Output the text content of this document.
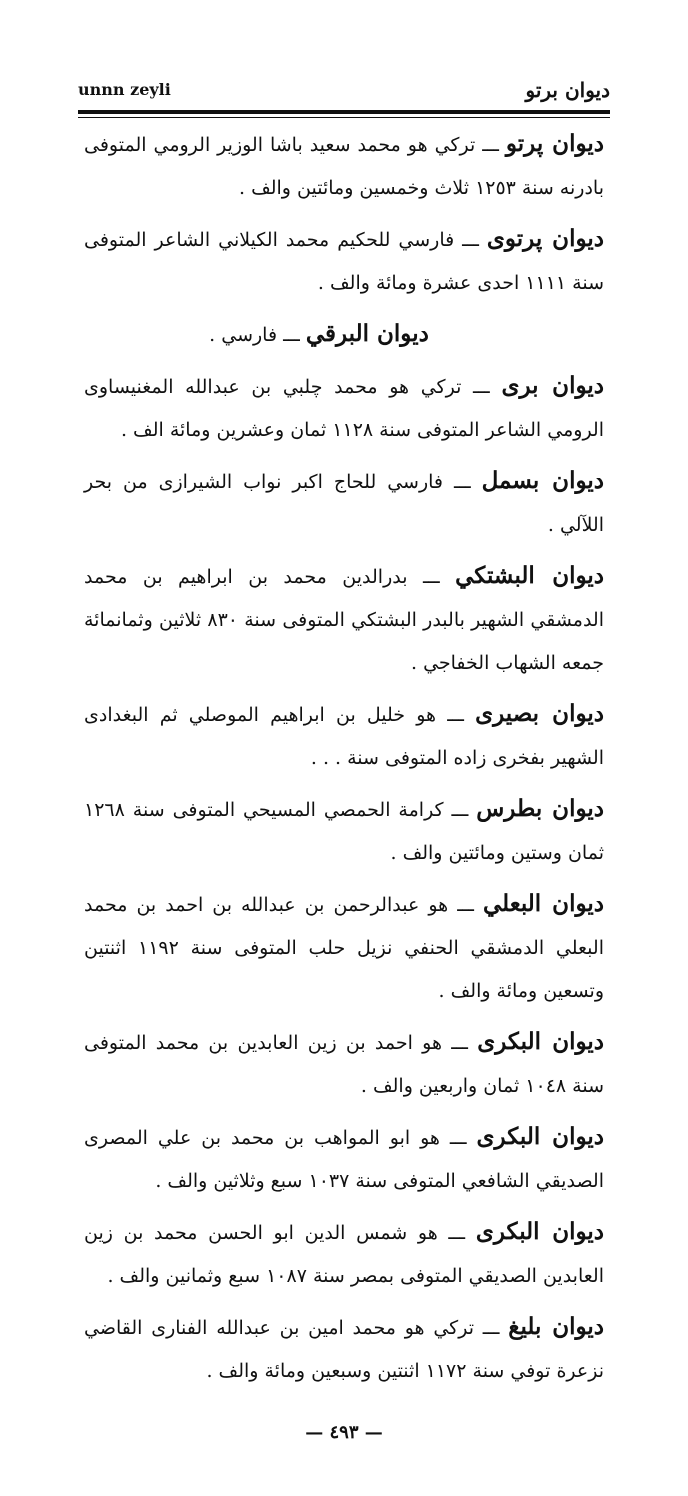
unnn zeyli	ديوان برتو
ديوان پرتو ـــ تركي هو محمد سعيد باشا الوزير الرومي المتوفى بادرنه سنة ١٢٥٣ ثلاث وخمسين ومائتين والف .
ديوان پرتوى ـــ فارسي للحكيم محمد الكيلاني الشاعر المتوفى سنة ١١١١ احدى عشرة ومائة والف .
ديوان البرقي ـــ فارسي .
ديوان برى ـــ تركي هو محمد چلبي بن عبدالله المغنيساوى الرومي الشاعر المتوفى سنة ١١٢٨ ثمان وعشرين ومائة الف .
ديوان بسمل ـــ فارسي للحاج اكبر نواب الشيرازى من بحر اللآلي .
ديوان البشتكي ـــ بدرالدين محمد بن ابراهيم بن محمد الدمشقي الشهير بالبدر البشتكي المتوفى سنة ٨٣٠ ثلاثين وثمانمائة جمعه الشهاب الخفاجي .
ديوان بصيرى ـــ هو خليل بن ابراهيم الموصلي ثم البغدادى الشهير بفخرى زاده المتوفى سنة . . .
ديوان بطرس ـــ كرامة الحمصي المسيحي المتوفى سنة ١٢٦٨ ثمان وستين ومائتين والف .
ديوان البعلي ـــ هو عبدالرحمن بن عبدالله بن احمد بن محمد البعلي الدمشقي الحنفي نزيل حلب المتوفى سنة ١١٩٢ اثنتين وتسعين ومائة والف .
ديوان البكرى ـــ هو احمد بن زين العابدين بن محمد المتوفى سنة ١٠٤٨ ثمان واربعين والف .
ديوان البكرى ـــ هو ابو المواهب بن محمد بن علي المصرى الصديقي الشافعي المتوفى سنة ١٠٣٧ سبع وثلاثين والف .
ديوان البكرى ـــ هو شمس الدين ابو الحسن محمد بن زين العابدين الصديقي المتوفى بمصر سنة ١٠٨٧ سبع وثمانين والف .
ديوان بليغ ـــ تركي هو محمد امين بن عبدالله الفنارى القاضي نزعرة توفي سنة ١١٧٢ اثنتين وسبعين ومائة والف .
— ٤٩٣ —
